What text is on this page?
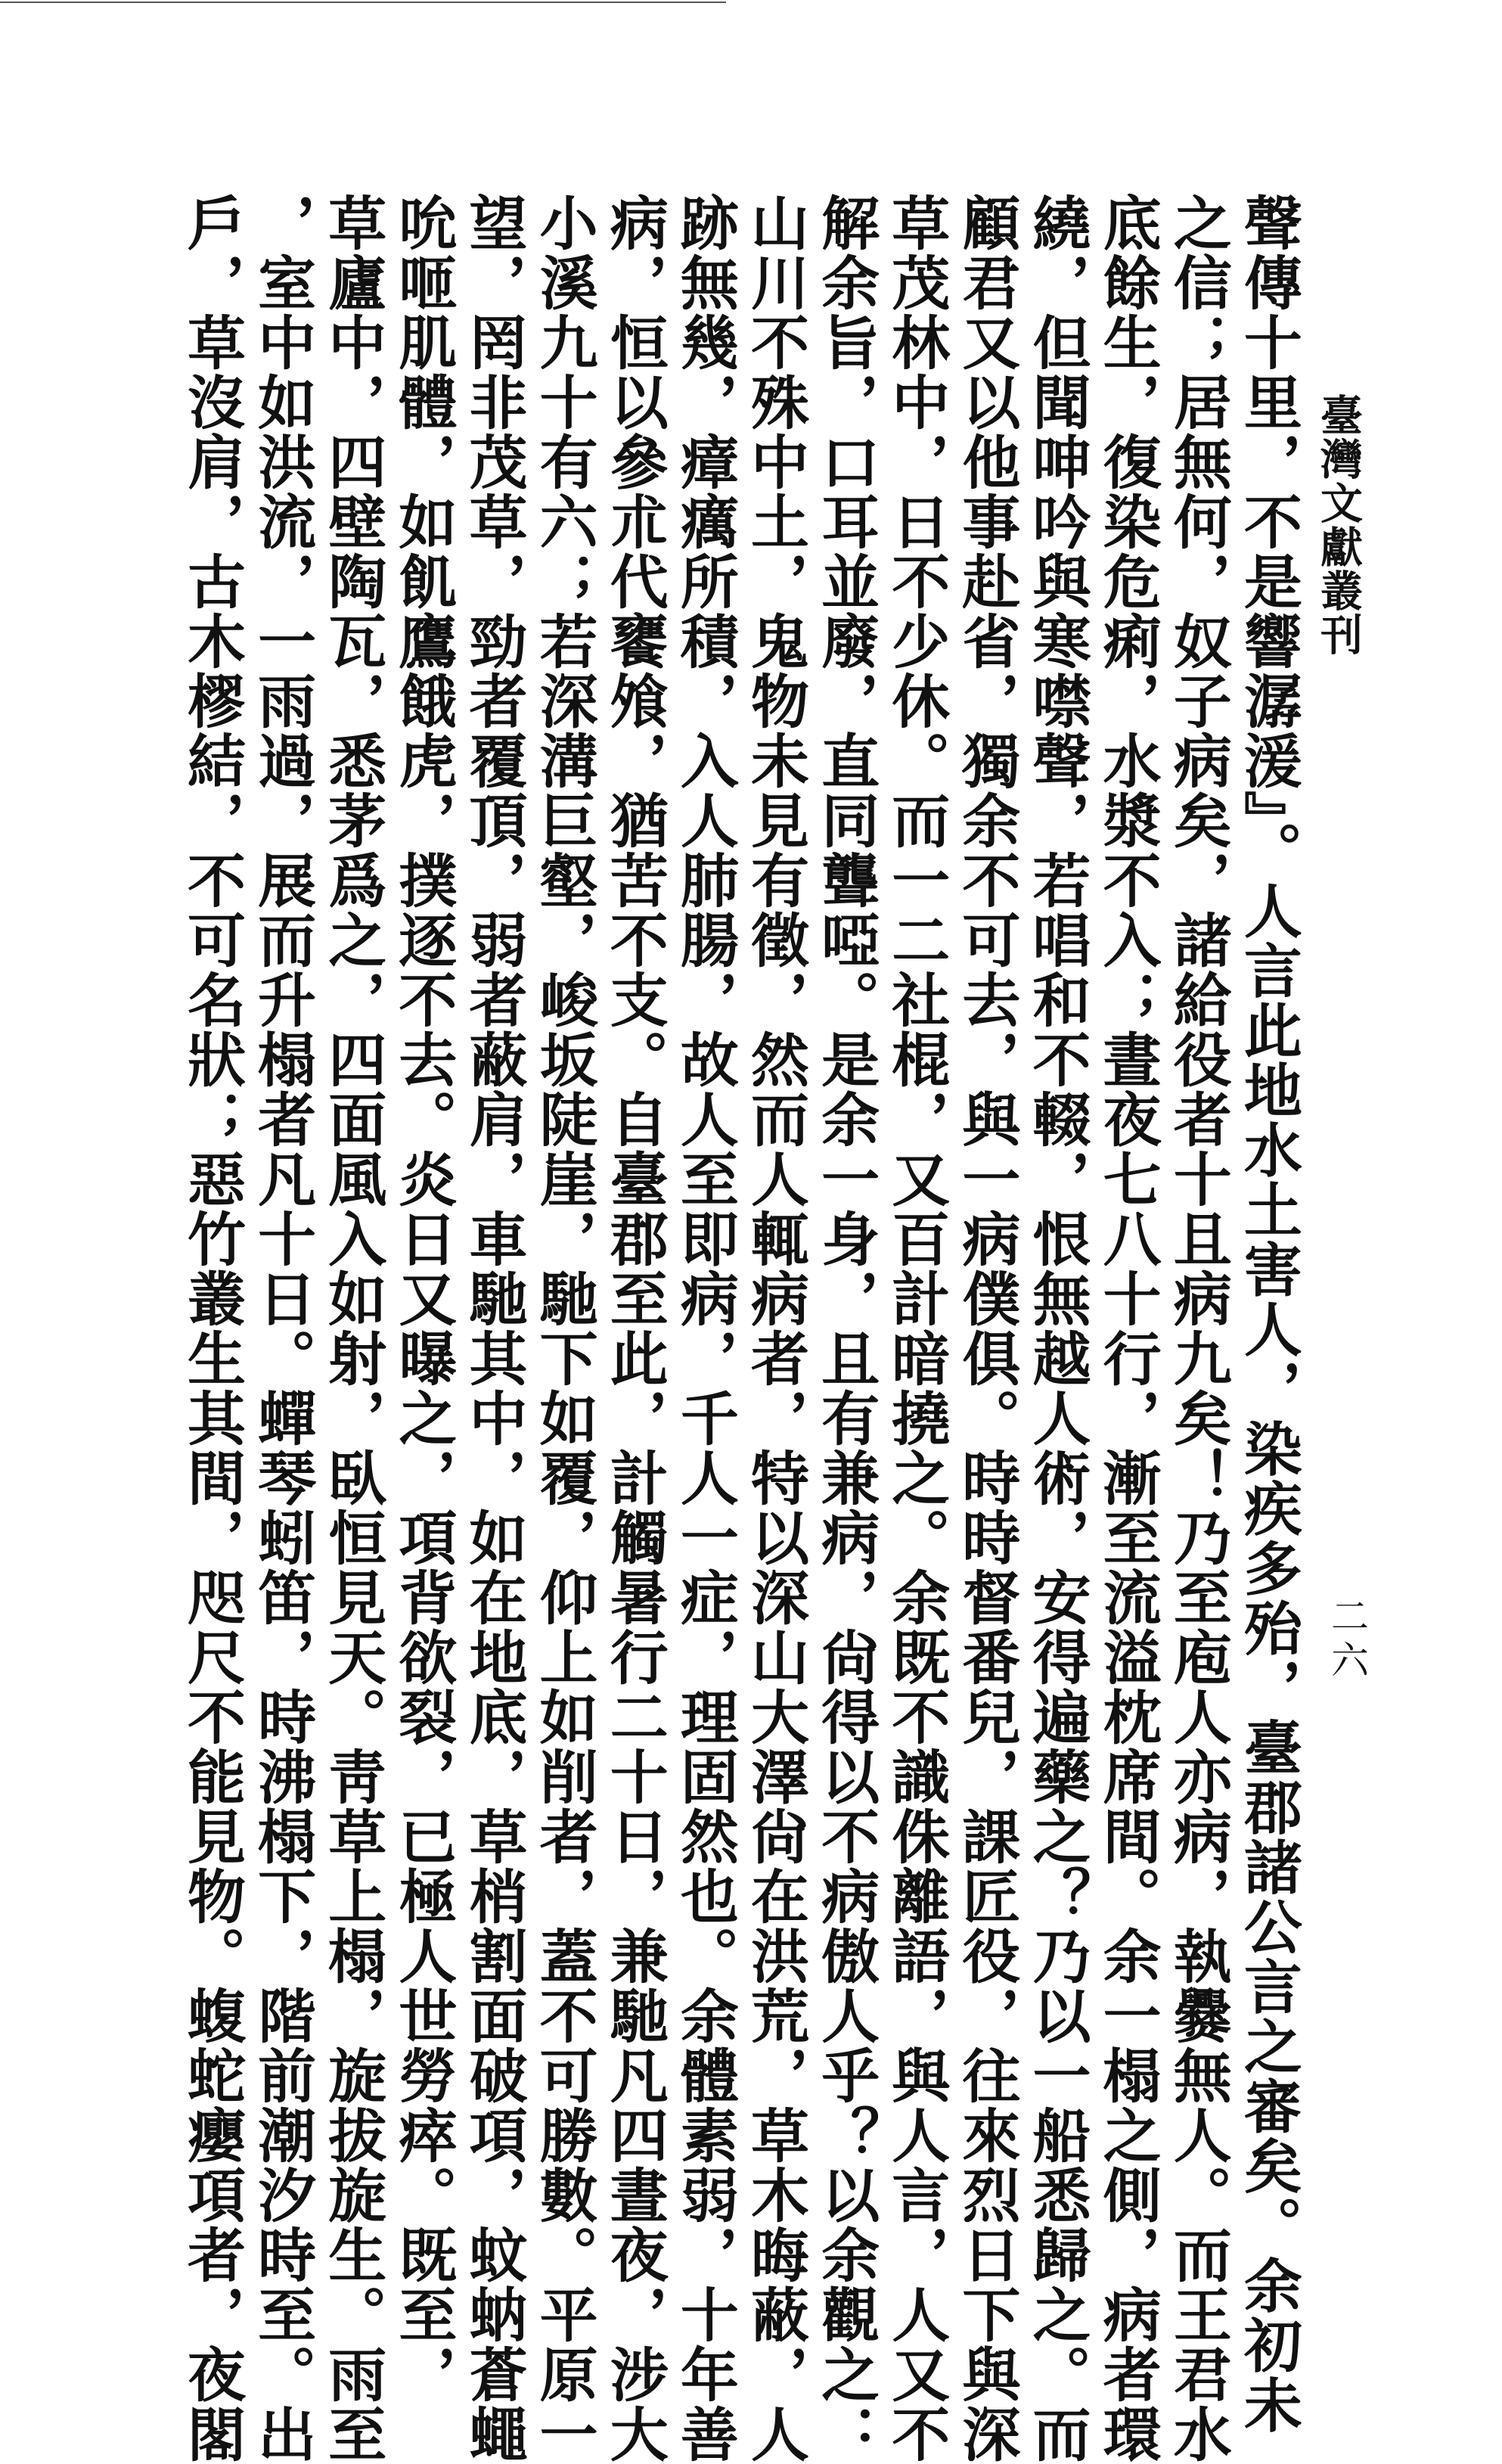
臺灣文獻叢刊
二六
聲傳十里，不是響潺湲』。人言此地水土害人，染疾多殆，臺郡諸公言之審矣。余初未
之信；居無何，奴子病矣，諸給役者十且病九矣！乃至庖人亦病，執爨無人。而王君水
底餘生，復染危痢，水漿不入；晝夜七八十行，漸至流溢枕席間。余一榻之側，病者環
繞，但聞呻吟與寒噤聲，若唱和不輟，恨無越人術，安得遍藥之？乃以一船悉歸之。而
顧君又以他事赴省，獨余不可去，與一病僕俱。時時督番兒，課匠役，往來烈日下與深
草茂林中，日不少休。而一二社棍，又百計暗撓之。余既不識侏離語，與人言，人又不
解余旨，口耳並廢，直同聾啞。是余一身，且有兼病，尙得以不病傲人乎？以余觀之：
山川不殊中土，鬼物未見有徵，然而人輒病者，特以深山大澤尙在洪荒，草木晦蔽，人
跡無幾，瘴癘所積，入人肺腸，故人至即病，千人一症，理固然也。余體素弱，十年善
病，恒以參朮代饔飧，猶苦不支。自臺郡至此，計觸暑行二十日，兼馳凡四晝夜，涉大
小溪九十有六；若深溝巨壑，峻坂陡崖，馳下如覆，仰上如削者，蓋不可勝數。平原一
望，罔非茂草，勁者覆頂，弱者蔽肩，車馳其中，如在地底，草梢割面破項，蚊蚋蒼蠅
吮咂肌體，如飢鷹餓虎，撲逐不去。炎日又曝之，項背欲裂，已極人世勞瘁。既至，
草廬中，四壁陶瓦，悉茅爲之，四面風入如射，臥恒見天。靑草上榻，旋拔旋生。雨至
，室中如洪流，一雨過，展而升榻者凡十日。蟬琴蚓笛，時沸榻下，階前潮汐時至。出
戶，草沒肩，古木樛結，不可名狀；惡竹叢生其間，咫尺不能見物。蝮蛇癭項者，夜閣
